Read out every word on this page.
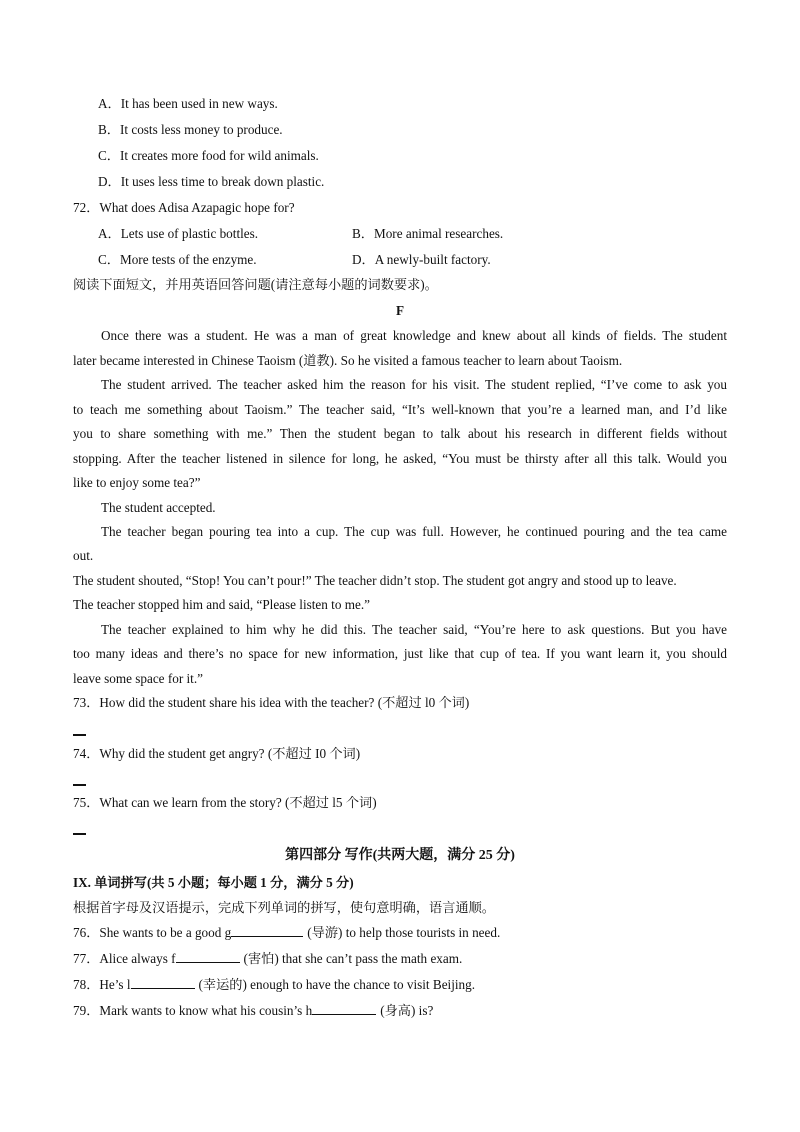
A．It has been used in new ways.
B．It costs less money to produce.
C．It creates more food for wild animals.
D．It uses less time to break down plastic.
72．What does Adisa Azapagic hope for?
A．Lets use of plastic bottles.	B．More animal researches.
C．More tests of the enzyme.	D．A newly-built factory.
阅读下面短文，并用英语回答问题(请注意每小题的词数要求)。
F
Once there was a student. He was a man of great knowledge and knew about all kinds of fields. The student
later became interested in Chinese Taoism (道教). So he visited a famous teacher to learn about Taoism.
The student arrived. The teacher asked him the reason for his visit. The student replied, “I’ve come to ask you
to teach me something about Taoism.” The teacher said, “It’s well-known that you’re a learned man, and I’d like
you to share something with me.” Then the student began to talk about his research in different fields without
stopping. After the teacher listened in silence for long, he asked, “You must be thirsty after all this talk. Would you
like to enjoy some tea?”
The student accepted.
The teacher began pouring tea into a cup. The cup was full. However, he continued pouring and the tea came
out.
The student shouted, “Stop! You can’t pour!” The teacher didn’t stop. The student got angry and stood up to leave.
The teacher stopped him and said, “Please listen to me.”
The teacher explained to him why he did this. The teacher said, “You’re here to ask questions. But you have
too many ideas and there’s no space for new information, just like that cup of tea. If you want learn it, you should
leave some space for it.”
73．How did the student share his idea with the teacher? (不超过 l0 个词)
74．Why did the student get angry? (不超过 I0 个词)
75．What can we learn from the story? (不超过 l5 个词)
第四部分 写作(共两大题，满分 25 分)
IX. 单词拼写(共 5 小题；每小题 1 分，满分 5 分)
根据首字母及汉语提示，完成下列单词的拼写，使句意明确，语言通顺。
76．She wants to be a good g	(导游) to help those tourists in need.
77．Alice always f	(害怕) that she can’t pass the math exam.
78．He’s l	(幸运的) enough to have the chance to visit Beijing.
79．Mark wants to know what his cousin’s h	(身高) is?
